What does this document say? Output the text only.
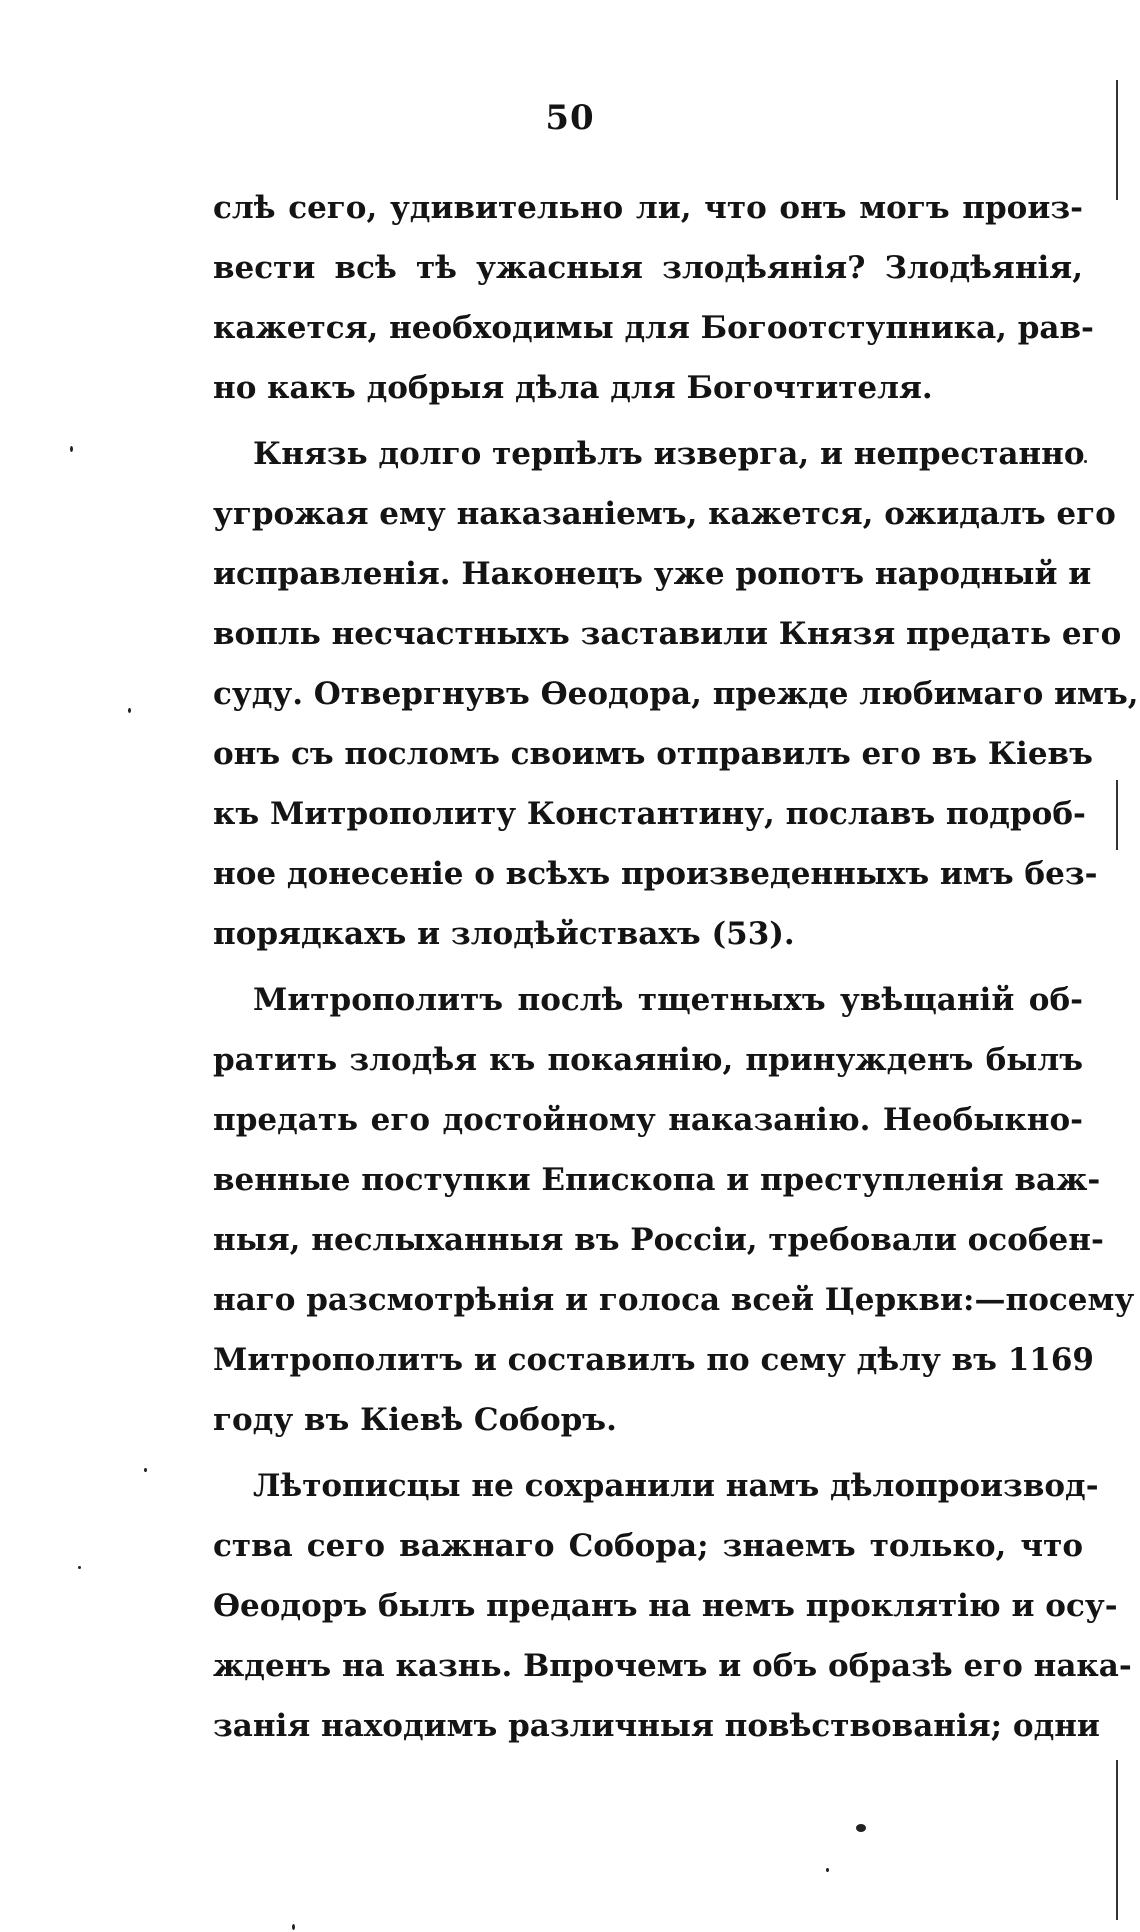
50
слѣ сего, удивительно ли, что онъ могъ произ-
вести всѣ тѣ ужасныя злодѣянія? Злодѣянія,
кажется, необходимы для Богоотступника, рав-
но какъ добрыя дѣла для Богочтителя.
Князь долго терпѣлъ изверга, и непрестанно
угрожая ему наказаніемъ, кажется, ожидалъ его
исправленія. Наконецъ уже ропотъ народный и
вопль несчастныхъ заставили Князя предать его
суду. Отвергнувъ Ѳеодора, прежде любимаго имъ,
онъ съ посломъ своимъ отправилъ его въ Кіевъ
къ Митрополиту Константину, пославъ подроб-
ное донесеніе о всѣхъ произведенныхъ имъ без-
порядкахъ и злодѣйствахъ (53).
Митрополитъ послѣ тщетныхъ увѣщаній об-
ратить злодѣя къ покаянію, принужденъ былъ
предать его достойному наказанію. Необыкно-
венные поступки Епископа и преступленія важ-
ныя, неслыханныя въ Россіи, требовали особен-
наго разсмотрѣнія и голоса всей Церкви:—посему
Митрополитъ и составилъ по сему дѣлу въ 1169
году въ Кіевѣ Соборъ.
Лѣтописцы не сохранили намъ дѣлопроизвод-
ства сего важнаго Собора; знаемъ только, что
Ѳеодоръ былъ преданъ на немъ проклятію и осу-
жденъ на казнь. Впрочемъ и объ образѣ его нака-
занія находимъ различныя повѣствованія; одни
